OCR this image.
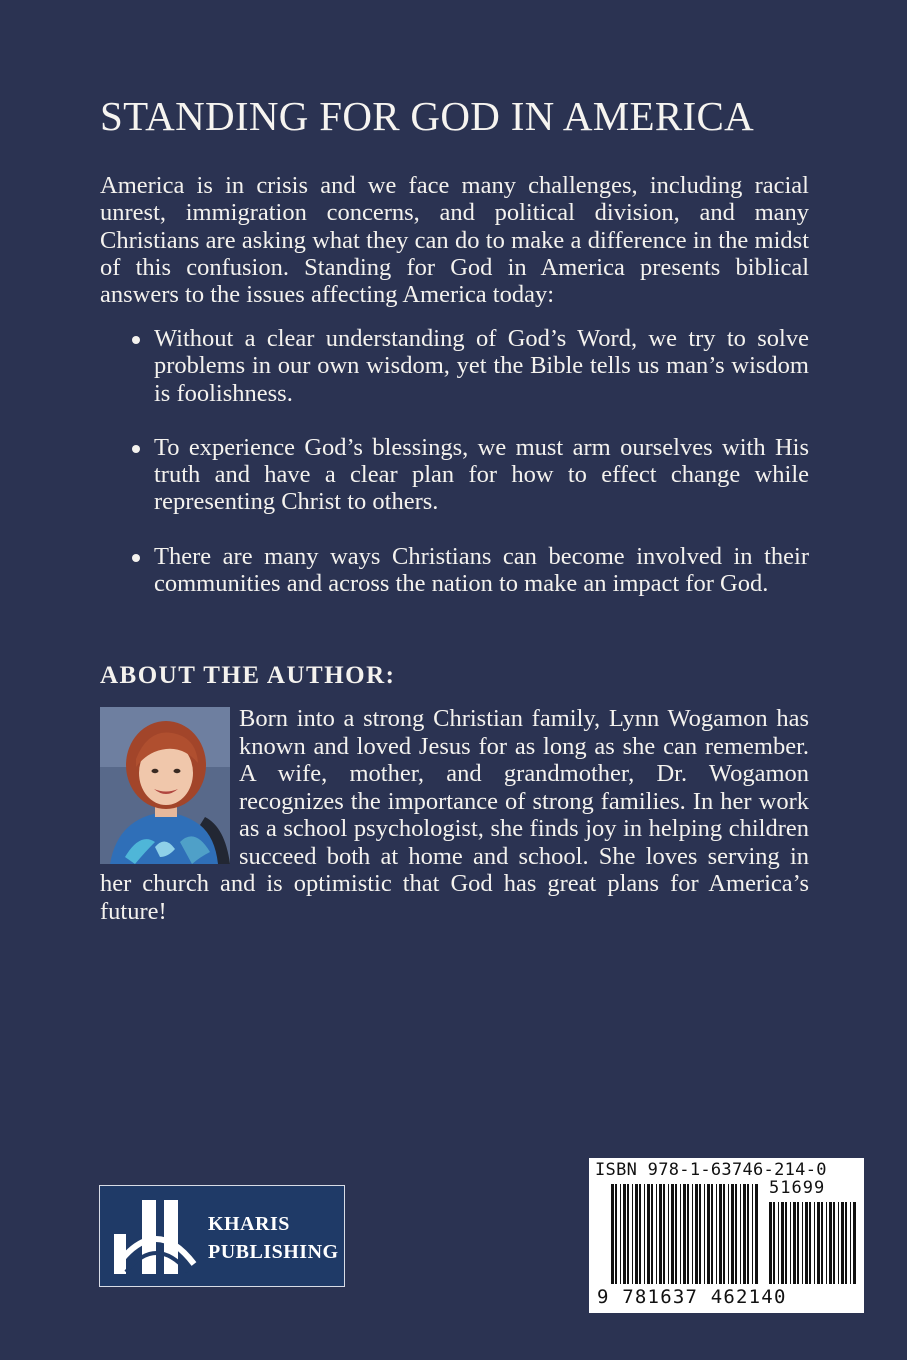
STANDING FOR GOD IN AMERICA

America is in crisis and we face many challenges, including racial unrest, immigration concerns, and political division, and many Christians are asking what they can do to make a difference in the midst of this confusion. Standing for God in America presents biblical answers to the issues affecting America today:

Without a clear understanding of God’s Word, we try to solve problems in our own wisdom, yet the Bible tells us man’s wisdom is foolishness.
To experience God’s blessings, we must arm ourselves with His truth and have a clear plan for how to effect change while representing Christ to others.
There are many ways Christians can become involved in their communities and across the nation to make an impact for God.
ABOUT THE AUTHOR:

Born into a strong Christian family, Lynn Wogamon has known and loved Jesus for as long as she can remember. A wife, mother, and grandmother, Dr. Wogamon recognizes the importance of strong families. In her work as a school psychologist, she finds joy in helping children succeed both at home and school. She loves serving in her church and is optimistic that God has great plans for America’s future!

KHARIS
PUBLISHING
ISBN 978-1-63746-214-0
51699
9 781637 462140
